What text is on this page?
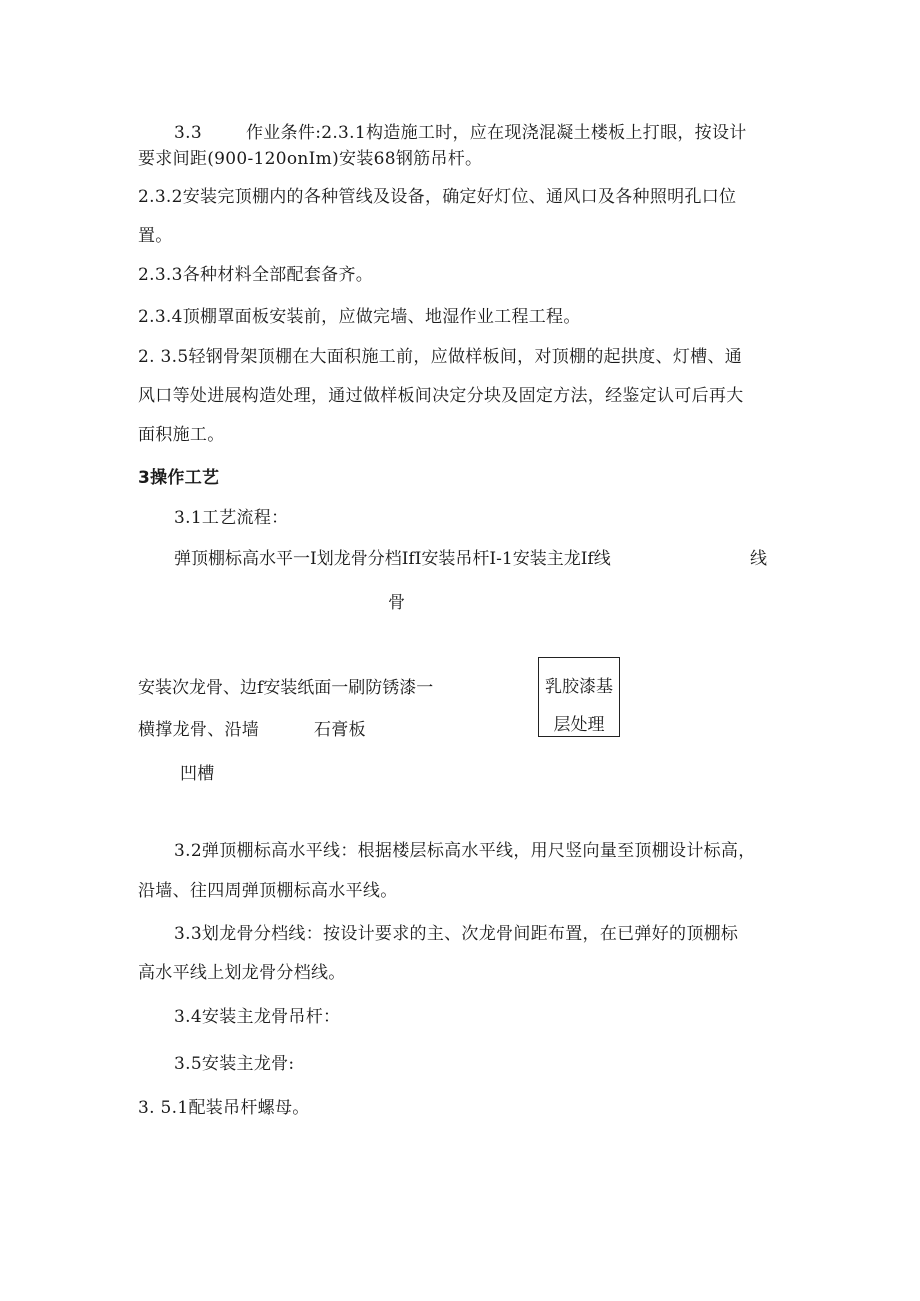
3.3	作业条件:2.3.1构造施工时，应在现浇混凝土楼板上打眼，按设计
要求间距(900-120onIm)安装68钢筋吊杆。
2.3.2安装完顶棚内的各种管线及设备，确定好灯位、通风口及各种照明孔口位
置。
2.3.3各种材料全部配套备齐。
2.3.4顶棚罩面板安装前，应做完墙、地湿作业工程工程。
2. 3.5轻钢骨架顶棚在大面积施工前，应做样板间，对顶棚的起拱度、灯槽、通
风口等处进展构造处理，通过做样板间决定分块及固定方法，经鉴定认可后再大
面积施工。
3操作工艺
3.1工艺流程：
弹顶棚标高水平一I划龙骨分档IfI安装吊杆I-1安装主龙If线	线
骨
安装次龙骨、边f安装纸面一刷防锈漆一
横撑龙骨、沿墙	石膏板
凹槽
乳胶漆基
层处理
3.2弹顶棚标高水平线：根据楼层标高水平线，用尺竖向量至顶棚设计标高，
沿墙、往四周弹顶棚标高水平线。
3.3划龙骨分档线：按设计要求的主、次龙骨间距布置，在已弹好的顶棚标
高水平线上划龙骨分档线。
3.4安装主龙骨吊杆：
3.5安装主龙骨:
3. 5.1配装吊杆螺母。
